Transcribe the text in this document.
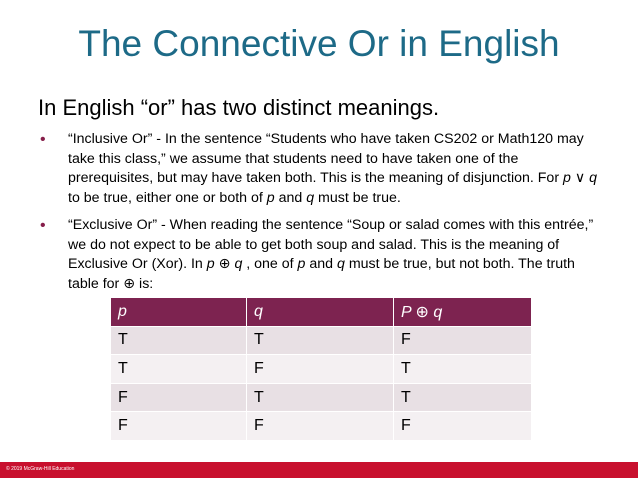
The Connective Or in English
In English “or” has two distinct meanings.
• “Inclusive Or” - In the sentence “Students who have taken CS202 or Math120 may take this class,” we assume that students need to have taken one of the prerequisites, but may have taken both. This is the meaning of disjunction. For p ∨ q to be true, either one or both of p and q must be true.
• “Exclusive Or” - When reading the sentence “Soup or salad comes with this entrée,” we do not expect to be able to get both soup and salad. This is the meaning of Exclusive Or (Xor). In p ⊕ q , one of p and q must be true, but not both. The truth table for ⊕ is:
p	q	P ⊕ q
T	T	F
T	F	T
F	T	T
F	F	F
© 2019 McGraw-Hill Education
